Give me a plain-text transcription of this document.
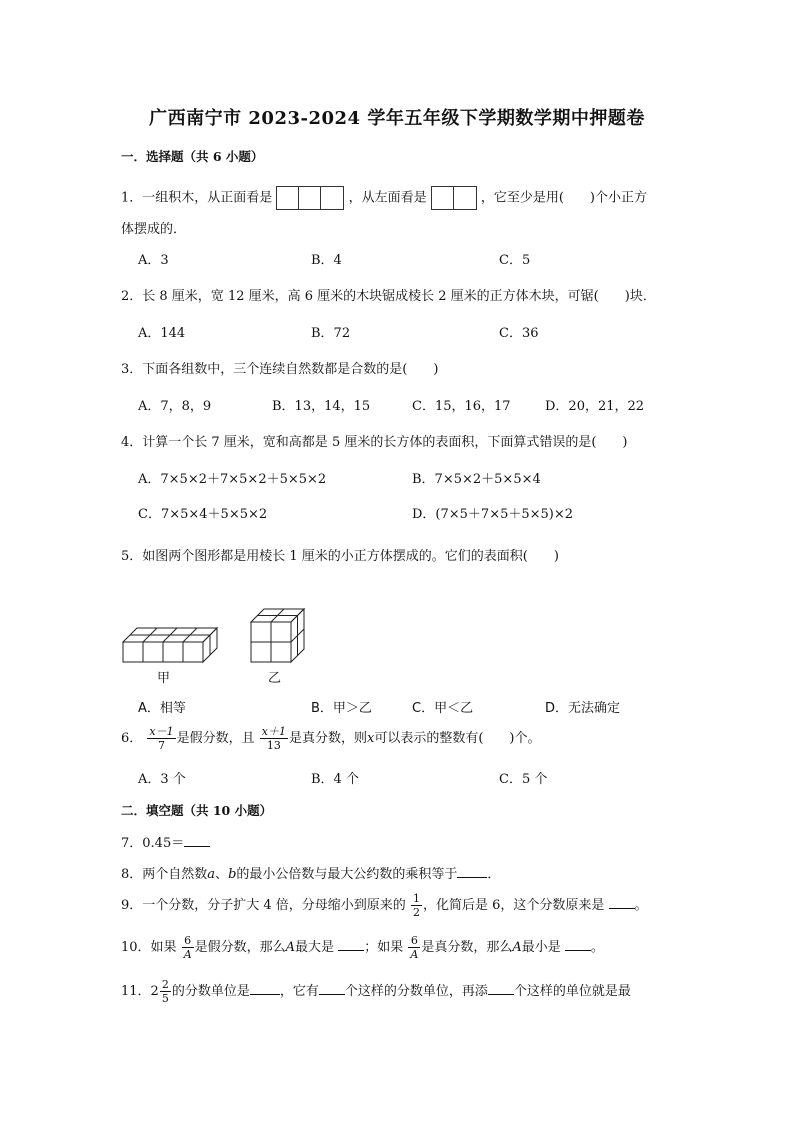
广西南宁市 2023-2024 学年五年级下学期数学期中押题卷
一．选择题（共 6 小题）
1．一组积木，从正面看是	，从左面看是	，它至少是用(　　)个小正方
体摆成的．
A．3	B．4	C．5
2．长 8 厘米，宽 12 厘米，高 6 厘米的木块锯成棱长 2 厘米的正方体木块，可锯(　　)块．
A．144	B．72	C．36
3．下面各组数中，三个连续自然数都是合数的是(　　)
A．7，8，9	B．13，14，15	C．15，16，17	D．20，21，22
4．计算一个长 7 厘米，宽和高都是 5 厘米的长方体的表面积，下面算式错误的是(　　)
A．7×5×2＋7×5×2＋5×5×2	B．7×5×2＋5×5×4
C．7×5×4＋5×5×2	D．(7×5＋7×5＋5×5)×2
5．如图两个图形都是用棱长 1 厘米的小正方体摆成的。它们的表面积(　　)
甲	乙
A．相等	B．甲＞乙	C．甲＜乙	D．无法确定
6． $\frac{x-1}{7}$ 是假分数，且 $\frac{x+1}{13}$ 是真分数，则x可以表示的整数有(　　)个。
A．3 个	B．4 个	C．5 个
二．填空题（共 10 小题）
7．0.45＝
8．两个自然数a、b的最小公倍数与最大公约数的乘积等于 ．
9．一个分数，分子扩大 4 倍，分母缩小到原来的 $\frac{1}{2}$ ，化简后是 6，这个分数原来是 。
10．如果 $\frac{6}{A}$ 是假分数，那么A最大是 ；如果 $\frac{6}{A}$ 是真分数，那么A最小是 。
11．$2 \frac{2}{5}$ 的分数单位是 ，它有 个这样的分数单位，再添 个这样的单位就是最
